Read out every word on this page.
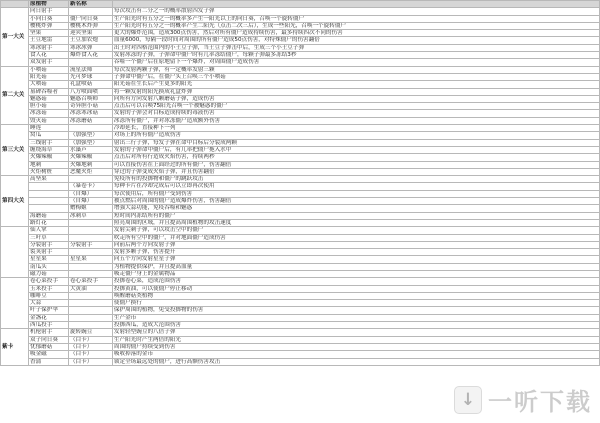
	原植物	新名称	
第一大关	向日射手		每次攻击有二分之一的概率散射四发子弹
	小向日葵	僵尸向日葵	生产阳光时有五分之一的概率多产生一阳光以上的向日葵，召唤一个旋转僵尸
	樱桃炸弹	樱桃木炸弹	生产阳光时有五分之一的概率产生二阳光（点击二次三后），生成一些阳光，召唤一个旋转僵尸
	坚果	迎宾坚果	更大的爆炸范围，造成300点伤害，然后对所有僵尸造成持续伤害，最多持续四次不同的伤害
	土豆地雷	土豆加农炮	血量6000，每隔一段时间对周围的所有僵尸造成50点伤害，对特殊僵尸的伤害翻倍
	寒冰射手	寒冰冰弹	出土时对四格范围内的小土豆子弹，当土豆子弹击中后，生成三个小土豆子弹
	食人花	爆炸食人花	发射冰冻的子弹，子弹命中僵尸时有几率冻结僵尸，每颗子弹最多冻结3秒
	双发射手		吞噬一个僵尸后在原地留下一个爆炸，对周围僵尸造成伤害
第二大关	小喷菇	流星法师	每次发射两颗子弹，有一定概率发射三颗
	阳光菇	光可梦球	子弹命中僵尸后，在僵尸头上召唤三个小喷菇
	大喷菇	礼盒喷菇	阳光菇在生长后产生更多的阳光
	墓碑吞噬者	八方喷面喷	将一颗发射的阳光换成礼盒炸弹
	魅惑菇	魅惑召唤师	向所有方向发射八颗蘑菇子弹，造成伤害
	胆小菇	奇异胆小菇	点击后可以召唤75阳光召唤一个被魅惑的僵尸
	冰冻菇	冰冻寒冰菇	发射的子弹会对目标造成持续的毒液伤害
	毁灭菇	冰冻蘑菇	冰冻所有僵尸，并对冰冻僵尸造成额外伤害
第三大关	睡莲		冷却延长，直接种下一列
	窝瓜	（加强型）	对场上的所有僵尸造成伤害
	三线射手	（加强型）	射出三行子弹，每发子弹在命中目标后分裂成两颗
	缠绕海草	水藻芦	发射的子弹命中僵尸后，有几率把僵尸拖入水中
	火爆辣椒	火爆辣椒	点击后对所有行造成火焰伤害，持续两秒
	地刺	火爆地刺	可以直接伤害在上面经过的所有僵尸，伤害翻倍
	火炬树桩	恶魔火炬	穿过的子弹变成火焰子弹，并且伤害翻倍
第四大关	高坚果		免疫所有的投掷物和僵尸的跳跃攻击
		（暴卷卡）	每种卡片在冷却完成后可以立即再次使用
		（自爆）	每次使用后，所有僵尸受到伤害
		（自爆）	被点燃后对周围的僵尸造成爆炸伤害，伤害翻倍
		赠梅姬	增强大蒜功能，免疫吞噬和魅惑
	海蘑菇	冰刺草	短时间内冻结所有的僵尸
	路灯花		照亮周围的区域，并且提高周围植物的攻击速度
	仙人掌		发射尖刺子弹，可以攻击空中的僵尸
	三叶草		吹走所有空中的僵尸，并对地面僵尸造成伤害
	分裂射手	分裂射手	向前后两个方向发射子弹
	裂荚射手		发射多颗子弹，伤害提升
	星星果	星星果	向五个方向发射星星子弹
	南瓜头		为植物提供保护，并且提高血量
	磁力菇		吸走僵尸身上的金属物品
	卷心菜投手	卷心菜投手	投掷卷心菜，造成范围伤害
	玉米投手	大黄油	投掷黄油，可以使僵尸停止移动
	咖啡豆		唤醒蘑菇类植物
	大蒜		使僵尸换行
	叶子保护伞		保护周围的植物，免受投掷物的伤害
	金盏花		生产金币
	西瓜投手		投掷西瓜，造成大范围伤害
紫卡	机枪射手	旋转豌豆	发射轻型豌豆的八倍子弹
	双子向日葵	（白卡）	生产阳光时产生两倍的阳光
	忧郁蘑菇	（白卡）	周围的僵尸持续受到伤害
	吸金磁	（白卡）	吸收掉落的金币
	香蒲	（白卡）	锁定全场最远处的僵尸，进行高额伤害攻击
↓ 一听下载
